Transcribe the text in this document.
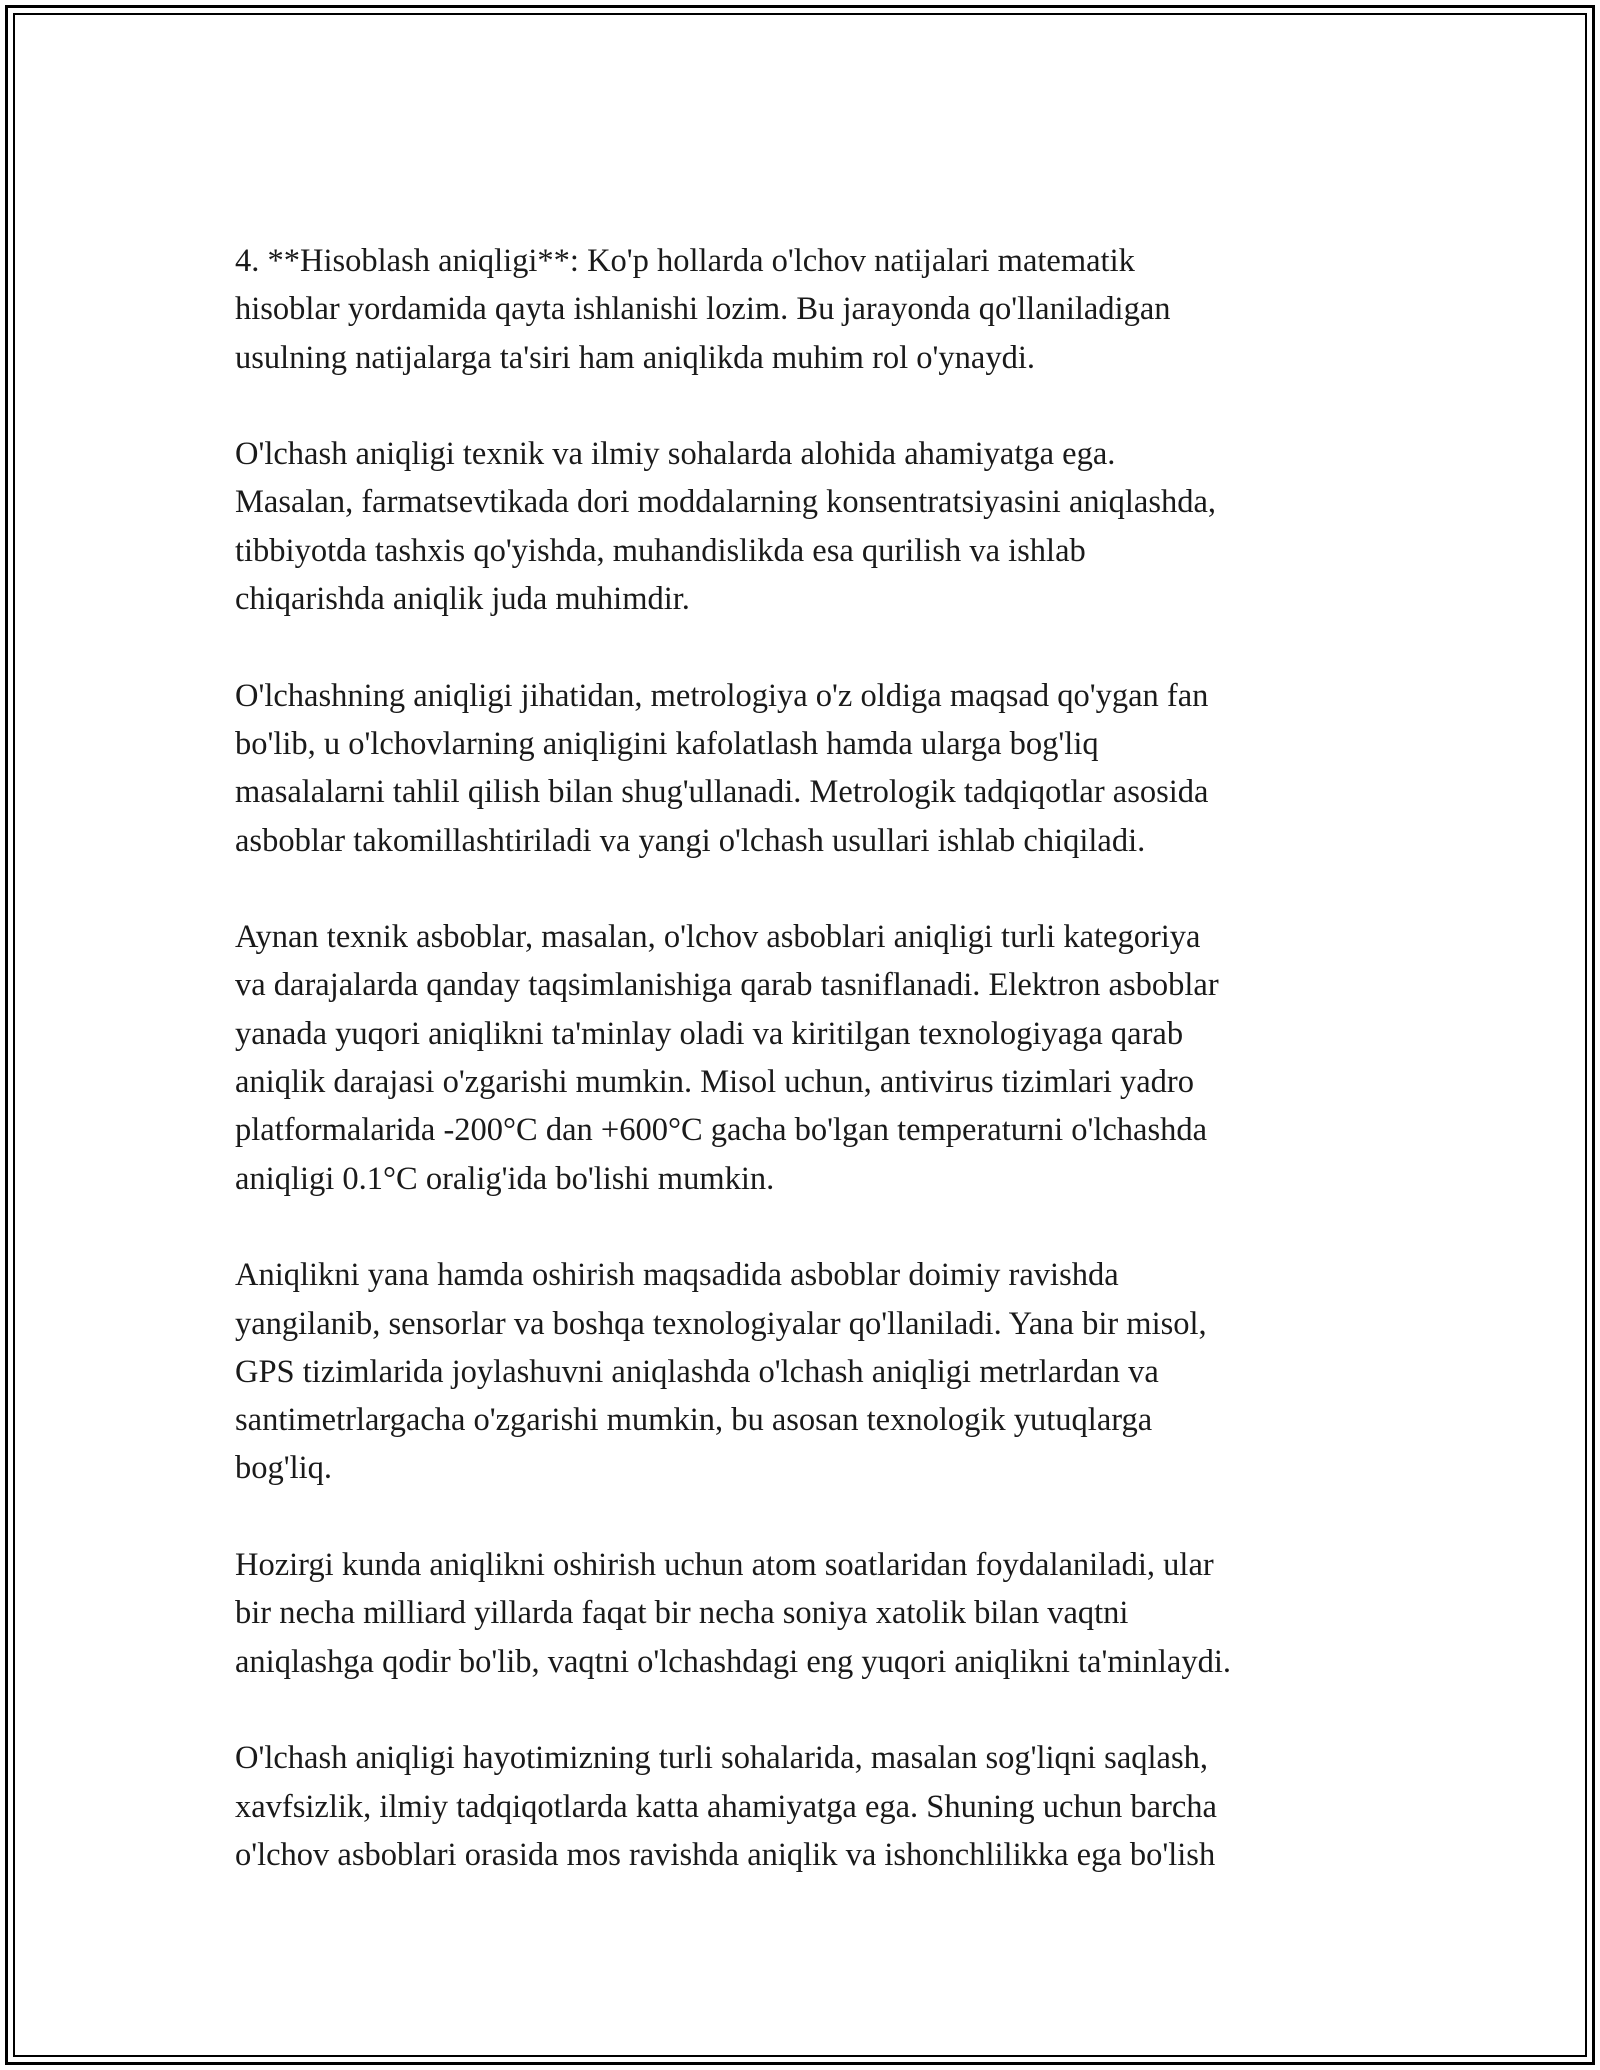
4. **Hisoblash aniqligi**: Ko'p hollarda o'lchov natijalari matematik
hisoblar yordamida qayta ishlanishi lozim. Bu jarayonda qo'llaniladigan
usulning natijalarga ta'siri ham aniqlikda muhim rol o'ynaydi.

O'lchash aniqligi texnik va ilmiy sohalarda alohida ahamiyatga ega.
Masalan, farmatsevtikada dori moddalarning konsentratsiyasini aniqlashda,
tibbiyotda tashxis qo'yishda, muhandislikda esa qurilish va ishlab
chiqarishda aniqlik juda muhimdir.

O'lchashning aniqligi jihatidan, metrologiya o'z oldiga maqsad qo'ygan fan
bo'lib, u o'lchovlarning aniqligini kafolatlash hamda ularga bog'liq
masalalarni tahlil qilish bilan shug'ullanadi. Metrologik tadqiqotlar asosida
asboblar takomillashtiriladi va yangi o'lchash usullari ishlab chiqiladi.

Aynan texnik asboblar, masalan, o'lchov asboblari aniqligi turli kategoriya
va darajalarda qanday taqsimlanishiga qarab tasniflanadi. Elektron asboblar
yanada yuqori aniqlikni ta'minlay oladi va kiritilgan texnologiyaga qarab
aniqlik darajasi o'zgarishi mumkin. Misol uchun, antivirus tizimlari yadro
platformalarida -200°C dan +600°C gacha bo'lgan temperaturni o'lchashda
aniqligi 0.1°C oralig'ida bo'lishi mumkin.

Aniqlikni yana hamda oshirish maqsadida asboblar doimiy ravishda
yangilanib, sensorlar va boshqa texnologiyalar qo'llaniladi. Yana bir misol,
GPS tizimlarida joylashuvni aniqlashda o'lchash aniqligi metrlardan va
santimetrlargacha o'zgarishi mumkin, bu asosan texnologik yutuqlarga
bog'liq.

Hozirgi kunda aniqlikni oshirish uchun atom soatlaridan foydalaniladi, ular
bir necha milliard yillarda faqat bir necha soniya xatolik bilan vaqtni
aniqlashga qodir bo'lib, vaqtni o'lchashdagi eng yuqori aniqlikni ta'minlaydi.

O'lchash aniqligi hayotimizning turli sohalarida, masalan sog'liqni saqlash,
xavfsizlik, ilmiy tadqiqotlarda katta ahamiyatga ega. Shuning uchun barcha
o'lchov asboblari orasida mos ravishda aniqlik va ishonchlilikka ega bo'lish
